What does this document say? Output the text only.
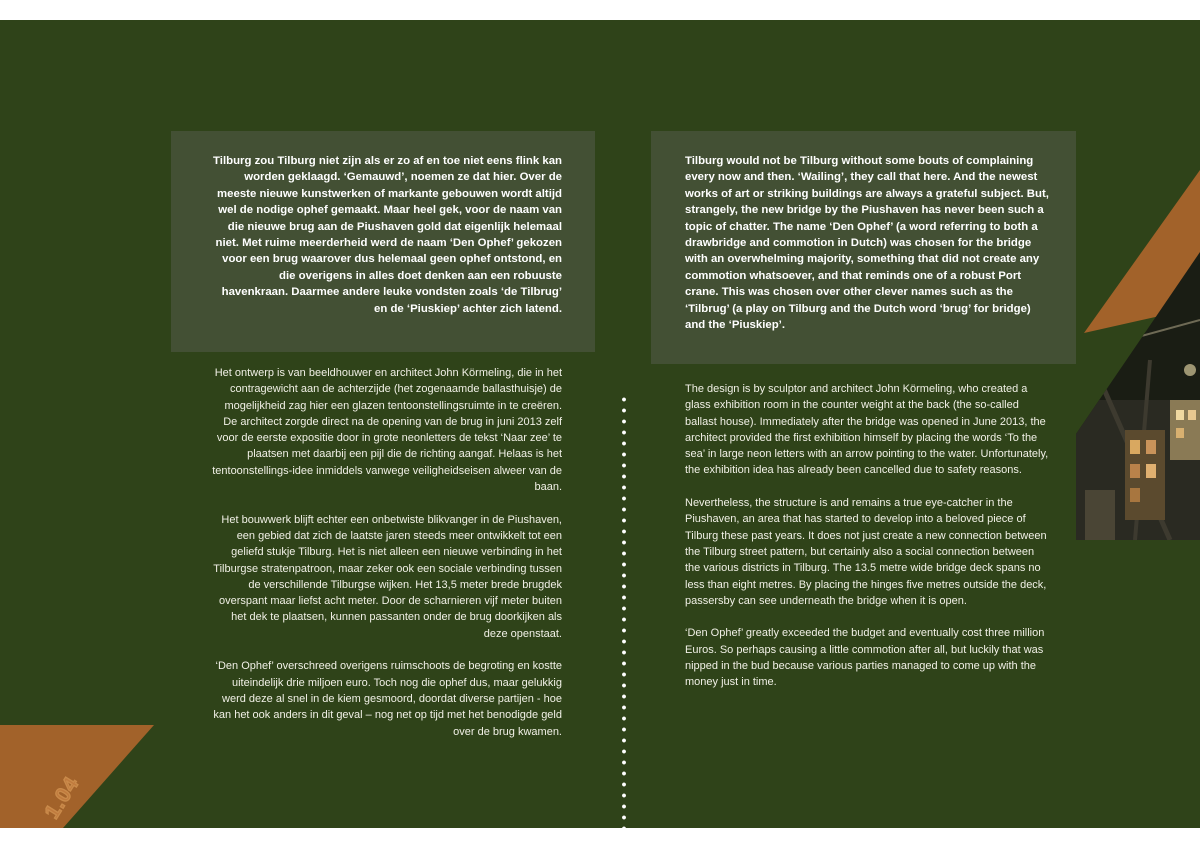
Tilburg zou Tilburg niet zijn als er zo af en toe niet eens flink kan worden geklaagd. ‘Gemauwd’, noemen ze dat hier. Over de meeste nieuwe kunstwerken of markante gebouwen wordt altijd wel de nodige ophef gemaakt. Maar heel gek, voor de naam van die nieuwe brug aan de Piushaven gold dat eigenlijk helemaal niet. Met ruime meerderheid werd de naam ‘Den Ophef’ gekozen voor een brug waarover dus helemaal geen ophef ontstond, en die overigens in alles doet denken aan een robuuste havenkraan. Daarmee andere leuke vondsten zoals ‘de Tilbrug’ en de ‘Piuskiep’ achter zich latend.

Tilburg would not be Tilburg without some bouts of complaining every now and then. ‘Wailing’, they call that here. And the newest works of art or striking buildings are always a grateful subject. But, strangely, the new bridge by the Piushaven has never been such a topic of chatter. The name ‘Den Ophef’ (a word referring to both a drawbridge and commotion in Dutch) was chosen for the bridge with an overwhelming majority, something that did not create any commotion whatsoever, and that reminds one of a robust Port crane. This was chosen over other clever names such as the ‘Tilbrug’ (a play on Tilburg and the Dutch word ‘brug’ for bridge) and the ‘Piuskiep’.

Het ontwerp is van beeldhouwer en architect John Körmeling, die in het contragewicht aan de achterzijde (het zogenaamde ballasthuisje) de mogelijkheid zag hier een glazen tentoonstellingsruimte in te creëren. De architect zorgde direct na de opening van de brug in juni 2013 zelf voor de eerste expositie door in grote neonletters de tekst ‘Naar zee’ te plaatsen met daarbij een pijl die de richting aangaf. Helaas is het tentoonstellings-idee inmiddels vanwege veiligheidseisen alweer van de baan.

Het bouwwerk blijft echter een onbetwiste blikvanger in de Piushaven, een gebied dat zich de laatste jaren steeds meer ontwikkelt tot een geliefd stukje Tilburg. Het is niet alleen een nieuwe verbinding in het Tilburgse stratenpatroon, maar zeker ook een sociale verbinding tussen de verschillende Tilburgse wijken. Het 13,5 meter brede brugdek overspant maar liefst acht meter. Door de scharnieren vijf meter buiten het dek te plaatsen, kunnen passanten onder de brug doorkijken als deze openstaat.

‘Den Ophef’ overschreed overigens ruimschoots de begroting en kostte uiteindelijk drie miljoen euro. Toch nog die ophef dus, maar gelukkig werd deze al snel in de kiem gesmoord, doordat diverse partijen - hoe kan het ook anders in dit geval – nog net op tijd met het benodigde geld over de brug kwamen.

The design is by sculptor and architect John Körmeling, who created a glass exhibition room in the counter weight at the back (the so-called ballast house). Immediately after the bridge was opened in June 2013, the architect provided the first exhibition himself by placing the words ‘To the sea’ in large neon letters with an arrow pointing to the water. Unfortunately, the exhibition idea has already been cancelled due to safety reasons.

Nevertheless, the structure is and remains a true eye-catcher in the Piushaven, an area that has started to develop into a beloved piece of Tilburg these past years. It does not just create a new connection between the Tilburg street pattern, but certainly also a social connection between the various districts in Tilburg. The 13.5 metre wide bridge deck spans no less than eight metres. By placing the hinges five metres outside the deck, passersby can see underneath the bridge when it is open.

‘Den Ophef’ greatly exceeded the budget and eventually cost three million Euros. So perhaps causing a little commotion after all, but luckily that was nipped in the bud because various parties managed to come up with the money just in time.

1.04
